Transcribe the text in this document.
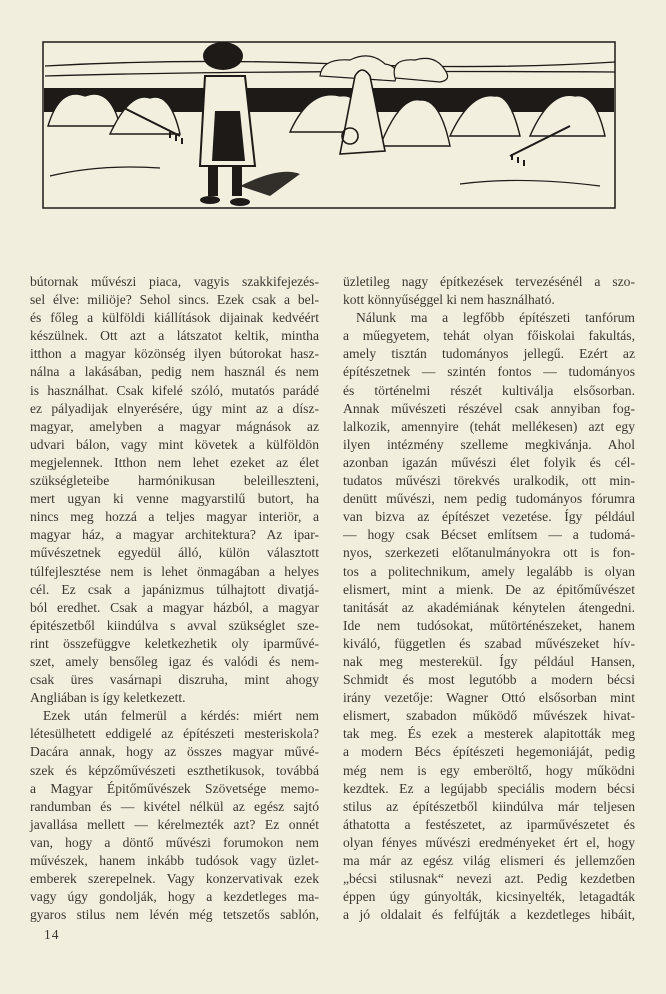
bútornak művészi piaca, vagyis szakkifejezés-
sel élve: miliöje? Sehol sincs. Ezek csak a bel-
és főleg a külföldi kiállítások dijainak kedvéért
készülnek. Ott azt a látszatot keltik, mintha
itthon a magyar közönség ilyen bútorokat hasz-
nálna a lakásában, pedig nem használ és nem
is használhat. Csak kifelé szóló, mutatós parádé
ez pályadijak elnyerésére, úgy mint az a dísz-
magyar, amelyben a magyar mágnások az
udvari bálon, vagy mint követek a külföldön
megjelennek. Itthon nem lehet ezeket az élet
szükségleteibe harmónikusan beleilleszteni,
mert ugyan ki venne magyarstilű butort, ha
nincs meg hozzá a teljes magyar interiör, a
magyar ház, a magyar architektura? Az ipar-
művészetnek egyedül álló, külön választott
túlfejlesztése nem is lehet önmagában a helyes
cél. Ez csak a japánizmus túlhajtott divatjá-
ból eredhet. Csak a magyar házból, a magyar
épitészetből kiindúlva s avval szükséglet sze-
rint összefüggve keletkezhetik oly iparművé-
szet, amely bensőleg igaz és valódi és nem-
csak üres vasárnapi diszruha, mint ahogy
Angliában is így keletkezett.
Ezek után felmerül a kérdés: miért nem
létesülhetett eddigelé az építészeti mesteriskola?
Dacára annak, hogy az összes magyar művé-
szek és képzőművészeti eszthetikusok, továbbá
a Magyar Épitőművészek Szövetsége memo-
randumban és — kivétel nélkül az egész sajtó
javallása mellett — kérelmezték azt? Ez onnét
van, hogy a döntő művészi forumokon nem
művészek, hanem inkább tudósok vagy üzlet-
emberek szerepelnek. Vagy konzervativak ezek
vagy úgy gondolják, hogy a kezdetleges ma-
gyaros stilus nem lévén még tetszetős sablón,
üzletileg nagy építkezések tervezésénél a szo-
kott könnyűséggel ki nem használható.
Nálunk ma a legfőbb építészeti tanfórum
a műegyetem, tehát olyan főiskolai fakultás,
amely tisztán tudományos jellegű. Ezért az
építészetnek — szintén fontos — tudományos
és történelmi részét kultiválja elsősorban.
Annak művészeti részével csak annyiban fog-
lalkozik, amennyire (tehát mellékesen) azt egy
ilyen intézmény szelleme megkivánja. Ahol
azonban igazán művészi élet folyik és cél-
tudatos művészi törekvés uralkodik, ott min-
denütt művészi, nem pedig tudományos fórumra
van bizva az építészet vezetése. Így például
— hogy csak Bécset említsem — a tudomá-
nyos, szerkezeti előtanulmányokra ott is fon-
tos a politechnikum, amely legalább is olyan
elismert, mint a mienk. De az épitőművészet
tanitását az akadémiának kénytelen átengedni.
Ide nem tudósokat, műtörténészeket, hanem
kiváló, független és szabad művészeket hív-
nak meg mesterekül. Így például Hansen,
Schmidt és most legutóbb a modern bécsi
irány vezetője: Wagner Ottó elsősorban mint
elismert, szabadon működő művészek hivat-
tak meg. És ezek a mesterek alapitották meg
a modern Bécs építészeti hegemoniáját, pedig
még nem is egy emberöltő, hogy működni
kezdtek. Ez a legújabb speciális modern bécsi
stilus az építészetből kiindúlva már teljesen
áthatotta a festészetet, az iparművészetet és
olyan fényes művészi eredményeket ért el, hogy
ma már az egész világ elismeri és jellemzően
„bécsi stilusnak“ nevezi azt. Pedig kezdetben
éppen úgy gúnyolták, kicsinyelték, letagadták
a jó oldalait és felfújták a kezdetleges hibáit,
14
